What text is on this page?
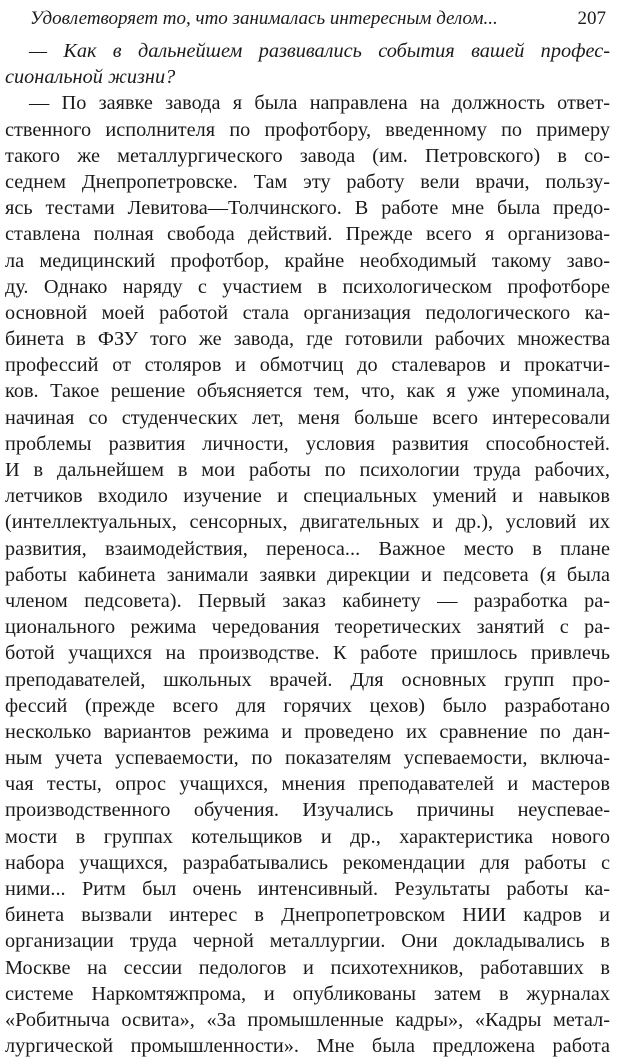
Удовлетворяет то, что занималась интересным делом...	207
— Как в дальнейшем развивались события вашей профес-
сиональной жизни?
— По заявке завода я была направлена на должность ответ-
ственного исполнителя по профотбору, введенному по примеру
такого же металлургического завода (им. Петровского) в со-
седнем Днепропетровске. Там эту работу вели врачи, пользу-
ясь тестами Левитова—Толчинского. В работе мне была предо-
ставлена полная свобода действий. Прежде всего я организова-
ла медицинский профотбор, крайне необходимый такому заво-
ду. Однако наряду с участием в психологическом профотборе
основной моей работой стала организация педологического ка-
бинета в ФЗУ того же завода, где готовили рабочих множества
профессий от столяров и обмотчиц до сталеваров и прокатчи-
ков. Такое решение объясняется тем, что, как я уже упоминала,
начиная со студенческих лет, меня больше всего интересовали
проблемы развития личности, условия развития способностей.
И в дальнейшем в мои работы по психологии труда рабочих,
летчиков входило изучение и специальных умений и навыков
(интеллектуальных, сенсорных, двигательных и др.), условий их
развития, взаимодействия, переноса... Важное место в плане
работы кабинета занимали заявки дирекции и педсовета (я была
членом педсовета). Первый заказ кабинету — разработка ра-
ционального режима чередования теоретических занятий с ра-
ботой учащихся на производстве. К работе пришлось привлечь
преподавателей, школьных врачей. Для основных групп про-
фессий (прежде всего для горячих цехов) было разработано
несколько вариантов режима и проведено их сравнение по дан-
ным учета успеваемости, по показателям успеваемости, включа-
чая тесты, опрос учащихся, мнения преподавателей и мастеров
производственного обучения. Изучались причины неуспевае-
мости в группах котельщиков и др., характеристика нового
набора учащихся, разрабатывались рекомендации для работы с
ними... Ритм был очень интенсивный. Результаты работы ка-
бинета вызвали интерес в Днепропетровском НИИ кадров и
организации труда черной металлургии. Они докладывались в
Москве на сессии педологов и психотехников, работавших в
системе Наркомтяжпрома, и опубликованы затем в журналах
«Робитныча освита», «За промышленные кадры», «Кадры метал-
лургической промышленности». Мне была предложена работа
